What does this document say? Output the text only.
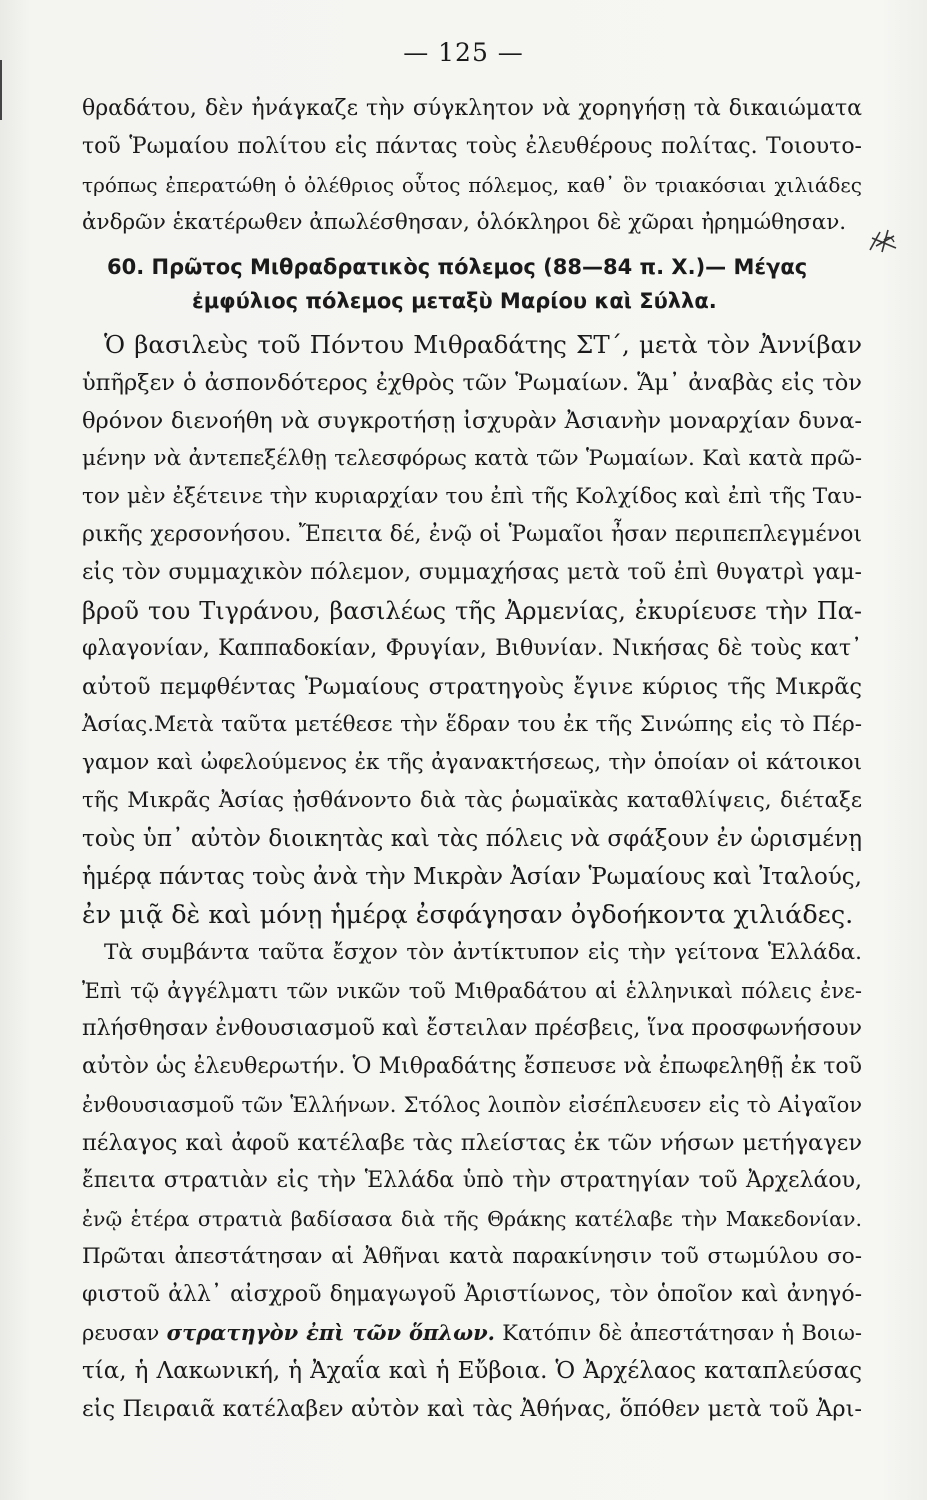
— 125 —
θραδάτου, δὲν ἠνάγκαζε τὴν σύγκλητον νὰ χορηγήσῃ τὰ δικαιώματα
τοῦ Ῥωμαίου πολίτου εἰς πάντας τοὺς ἐλευθέρους πολίτας. Τοιουτο-
τρόπως ἐπερατώθη ὁ ὀλέθριος οὗτος πόλεμος, καθ᾽ ὃν τριακόσιαι χιλιάδες
ἀνδρῶν ἑκατέρωθεν ἀπωλέσθησαν, ὁλόκληροι δὲ χῶραι ἠρημώθησαν.
60. Πρῶτος Μιθραδρατικὸς πόλεμος (88—84 π. Χ.)— Μέγας
ἐμφύλιος πόλεμος μεταξὺ Μαρίου καὶ Σύλλα.
Ὁ βασιλεὺς τοῦ Πόντου Μιθραδάτης ΣΤ΄, μετὰ τὸν Ἀννίβαν
ὑπῆρξεν ὁ ἀσπονδότερος ἐχθρὸς τῶν Ῥωμαίων. Ἅμ᾽ ἀναβὰς εἰς τὸν
θρόνον διενοήθη νὰ συγκροτήσῃ ἰσχυρὰν Ἀσιανὴν μοναρχίαν δυνα-
μένην νὰ ἀντεπεξέλθῃ τελεσφόρως κατὰ τῶν Ῥωμαίων. Καὶ κατὰ πρῶ-
τον μὲν ἐξέτεινε τὴν κυριαρχίαν του ἐπὶ τῆς Κολχίδος καὶ ἐπὶ τῆς Ταυ-
ρικῆς χερσονήσου. Ἔπειτα δέ, ἐνῷ οἱ Ῥωμαῖοι ἦσαν περιπεπλεγμένοι
εἰς τὸν συμμαχικὸν πόλεμον, συμμαχήσας μετὰ τοῦ ἐπὶ θυγατρὶ γαμ-
βροῦ του Τιγράνου, βασιλέως τῆς Ἀρμενίας, ἐκυρίευσε τὴν Πα-
φλαγονίαν, Καππαδοκίαν, Φρυγίαν, Βιθυνίαν. Νικήσας δὲ τοὺς κατ᾽
αὐτοῦ πεμφθέντας Ῥωμαίους στρατηγοὺς ἔγινε κύριος τῆς Μικρᾶς
Ἀσίας.Μετὰ ταῦτα μετέθεσε τὴν ἕδραν του ἐκ τῆς Σινώπης εἰς τὸ Πέρ-
γαμον καὶ ὠφελούμενος ἐκ τῆς ἀγανακτήσεως, τὴν ὁποίαν οἱ κάτοικοι
τῆς Μικρᾶς Ἀσίας ᾐσθάνοντο διὰ τὰς ῥωμαϊκὰς καταθλίψεις, διέταξε
τοὺς ὑπ᾽ αὐτὸν διοικητὰς καὶ τὰς πόλεις νὰ σφάξουν ἐν ὡρισμένῃ
ἡμέρᾳ πάντας τοὺς ἀνὰ τὴν Μικρὰν Ἀσίαν Ῥωμαίους καὶ Ἰταλούς,
ἐν μιᾷ δὲ καὶ μόνῃ ἡμέρᾳ ἐσφάγησαν ὀγδοήκοντα χιλιάδες.
Τὰ συμβάντα ταῦτα ἔσχον τὸν ἀντίκτυπον εἰς τὴν γείτονα Ἑλλάδα.
Ἐπὶ τῷ ἀγγέλματι τῶν νικῶν τοῦ Μιθραδάτου αἱ ἑλληνικαὶ πόλεις ἐνε-
πλήσθησαν ἐνθουσιασμοῦ καὶ ἔστειλαν πρέσβεις, ἵνα προσφωνήσουν
αὐτὸν ὡς ἐλευθερωτήν. Ὁ Μιθραδάτης ἔσπευσε νὰ ἐπωφεληθῇ ἐκ τοῦ
ἐνθουσιασμοῦ τῶν Ἑλλήνων. Στόλος λοιπὸν εἰσέπλευσεν εἰς τὸ Αἰγαῖον
πέλαγος καὶ ἀφοῦ κατέλαβε τὰς πλείστας ἐκ τῶν νήσων μετήγαγεν
ἔπειτα στρατιὰν εἰς τὴν Ἑλλάδα ὑπὸ τὴν στρατηγίαν τοῦ Ἀρχελάου,
ἐνῷ ἑτέρα στρατιὰ βαδίσασα διὰ τῆς Θράκης κατέλαβε τὴν Μακεδονίαν.
Πρῶται ἀπεστάτησαν αἱ Ἀθῆναι κατὰ παρακίνησιν τοῦ στωμύλου σο-
φιστοῦ ἀλλ᾽ αἰσχροῦ δημαγωγοῦ Ἀριστίωνος, τὸν ὁποῖον καὶ ἀνηγό-
ρευσαν στρατηγὸν ἐπὶ τῶν ὅπλων. Κατόπιν δὲ ἀπεστάτησαν ἡ Βοιω-
τία, ἡ Λακωνική, ἡ Ἀχαΐα καὶ ἡ Εὔβοια. Ὁ Ἀρχέλαος καταπλεύσας
εἰς Πειραιᾶ κατέλαβεν αὐτὸν καὶ τὰς Ἀθήνας, ὅπόθεν μετὰ τοῦ Ἀρι-
